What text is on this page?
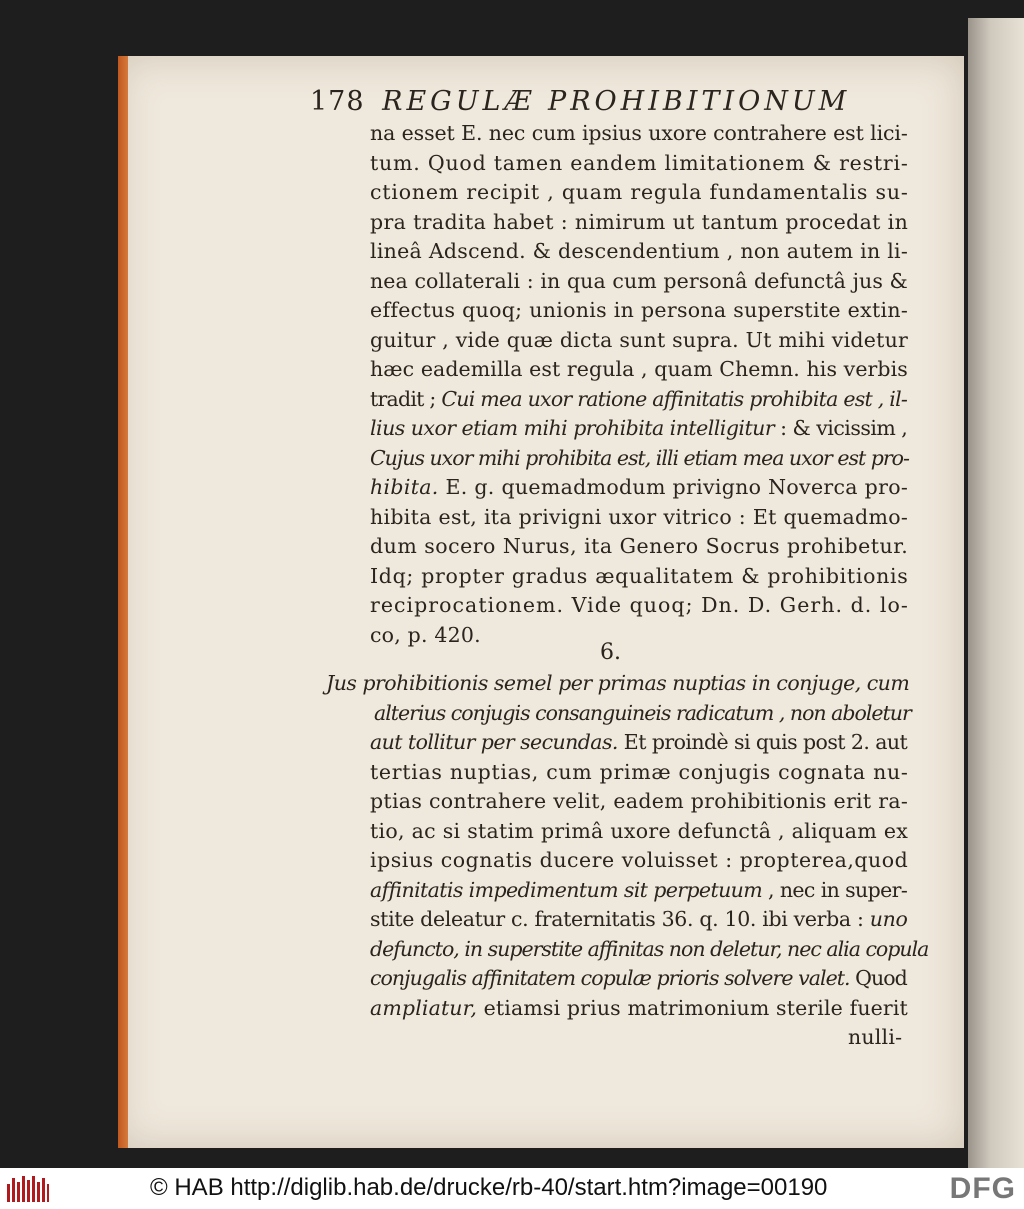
178 REGULÆ PROHIBITIONUM
na esset E. nec cum ipsius uxore contrahere est lici-
tum. Quod tamen eandem limitationem & restri-
ctionem recipit , quam regula fundamentalis su-
pra tradita habet : nimirum ut tantum procedat in
lineâ Adscend. & descendentium , non autem in li-
nea collaterali : in qua cum personâ defunctâ jus &
effectus quoq; unionis in persona superstite extin-
guitur , vide quæ dicta sunt supra. Ut mihi videtur
hæc eademilla est regula , quam Chemn. his verbis
tradit ; Cui mea uxor ratione affinitatis prohibita est , il-
lius uxor etiam mihi prohibita intelligitur : & vicissim ,
Cujus uxor mihi prohibita est, illi etiam mea uxor est pro-
hibita. E. g. quemadmodum privigno Noverca pro-
hibita est, ita privigni uxor vitrico : Et quemadmo-
dum socero Nurus, ita Genero Socrus prohibetur.
Idq; propter gradus æqualitatem & prohibitionis
reciprocationem. Vide quoq; Dn. D. Gerh. d. lo-
co, p. 420.
Jus prohibitionis semel per primas nuptias in conjuge, cum
alterius conjugis consanguineis radicatum , non aboletur
aut tollitur per secundas. Et proindè si quis post 2. aut
tertias nuptias, cum primæ conjugis cognata nu-
ptias contrahere velit, eadem prohibitionis erit ra-
tio, ac si statim primâ uxore defunctâ , aliquam ex
ipsius cognatis ducere voluisset : propterea,quod
affinitatis impedimentum sit perpetuum , nec in super-
stite deleatur c. fraternitatis 36. q. 10. ibi verba : uno
defuncto, in superstite affinitas non deletur, nec alia copula
conjugalis affinitatem copulæ prioris solvere valet. Quod
ampliatur, etiamsi prius matrimonium sterile fuerit
nulli-
6.
© HAB http://diglib.hab.de/drucke/rb-40/start.htm?image=00190	DFG
